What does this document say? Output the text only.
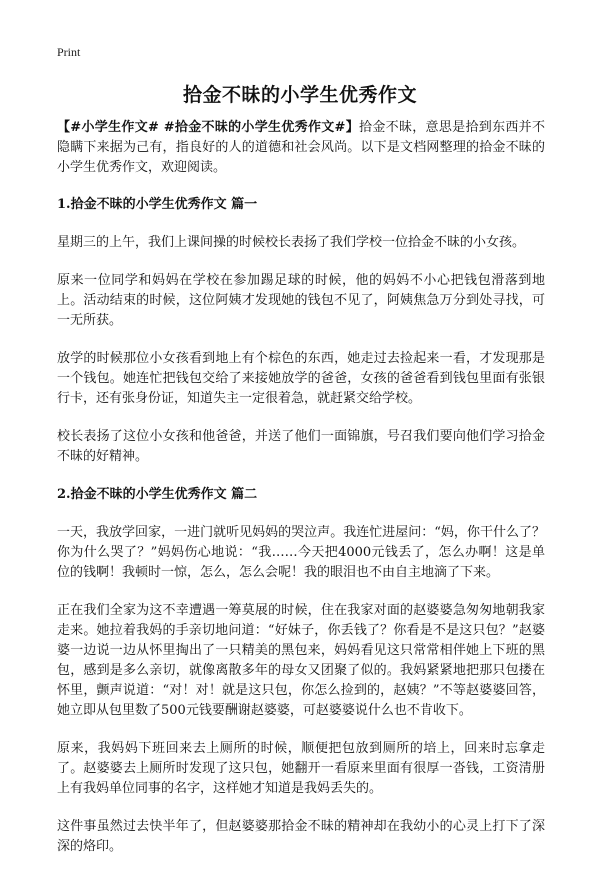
Print
拾金不昧的小学生优秀作文

【#小学生作文# #拾金不昧的小学生优秀作文#】拾金不昧，意思是拾到东西并不隐瞒下来据为己有，指良好的人的道德和社会风尚。以下是文档网整理的拾金不昧的小学生优秀作文，欢迎阅读。

1.拾金不昧的小学生优秀作文 篇一

星期三的上午，我们上课间操的时候校长表扬了我们学校一位拾金不昧的小女孩。

原来一位同学和妈妈在学校在参加踢足球的时候，他的妈妈不小心把钱包滑落到地上。活动结束的时候，这位阿姨才发现她的钱包不见了，阿姨焦急万分到处寻找，可一无所获。

放学的时候那位小女孩看到地上有个棕色的东西，她走过去捡起来一看，才发现那是一个钱包。她连忙把钱包交给了来接她放学的爸爸，女孩的爸爸看到钱包里面有张银行卡，还有张身份证，知道失主一定很着急，就赶紧交给学校。

校长表扬了这位小女孩和他爸爸，并送了他们一面锦旗，号召我们要向他们学习拾金不昧的好精神。

2.拾金不昧的小学生优秀作文 篇二

一天，我放学回家，一进门就听见妈妈的哭泣声。我连忙进屋问：“妈，你干什么了？你为什么哭了？”妈妈伤心地说：“我……今天把4000元钱丢了，怎么办啊！这是单位的钱啊！我顿时一惊，怎么，怎么会呢！我的眼泪也不由自主地滴了下来。

正在我们全家为这不幸遭遇一筹莫展的时候，住在我家对面的赵婆婆急匆匆地朝我家走来。她拉着我妈的手亲切地问道：“好妹子，你丢钱了？你看是不是这只包？”赵婆婆一边说一边从怀里掏出了一只精美的黑包来，妈妈看见这只常常相伴她上下班的黑包，感到是多么亲切，就像离散多年的母女又团聚了似的。我妈紧紧地把那只包搂在怀里，颤声说道：“对！对！就是这只包，你怎么捡到的，赵姨？”不等赵婆婆回答，她立即从包里数了500元钱要酬谢赵婆婆，可赵婆婆说什么也不肯收下。

原来，我妈妈下班回来去上厕所的时候，顺便把包放到厕所的培上，回来时忘拿走了。赵婆婆去上厕所时发现了这只包，她翻开一看原来里面有很厚一沓钱，工资清册上有我妈单位同事的名字，这样她才知道是我妈丢失的。

这件事虽然过去快半年了，但赵婆婆那拾金不昧的精神却在我幼小的心灵上打下了深深的烙印。
